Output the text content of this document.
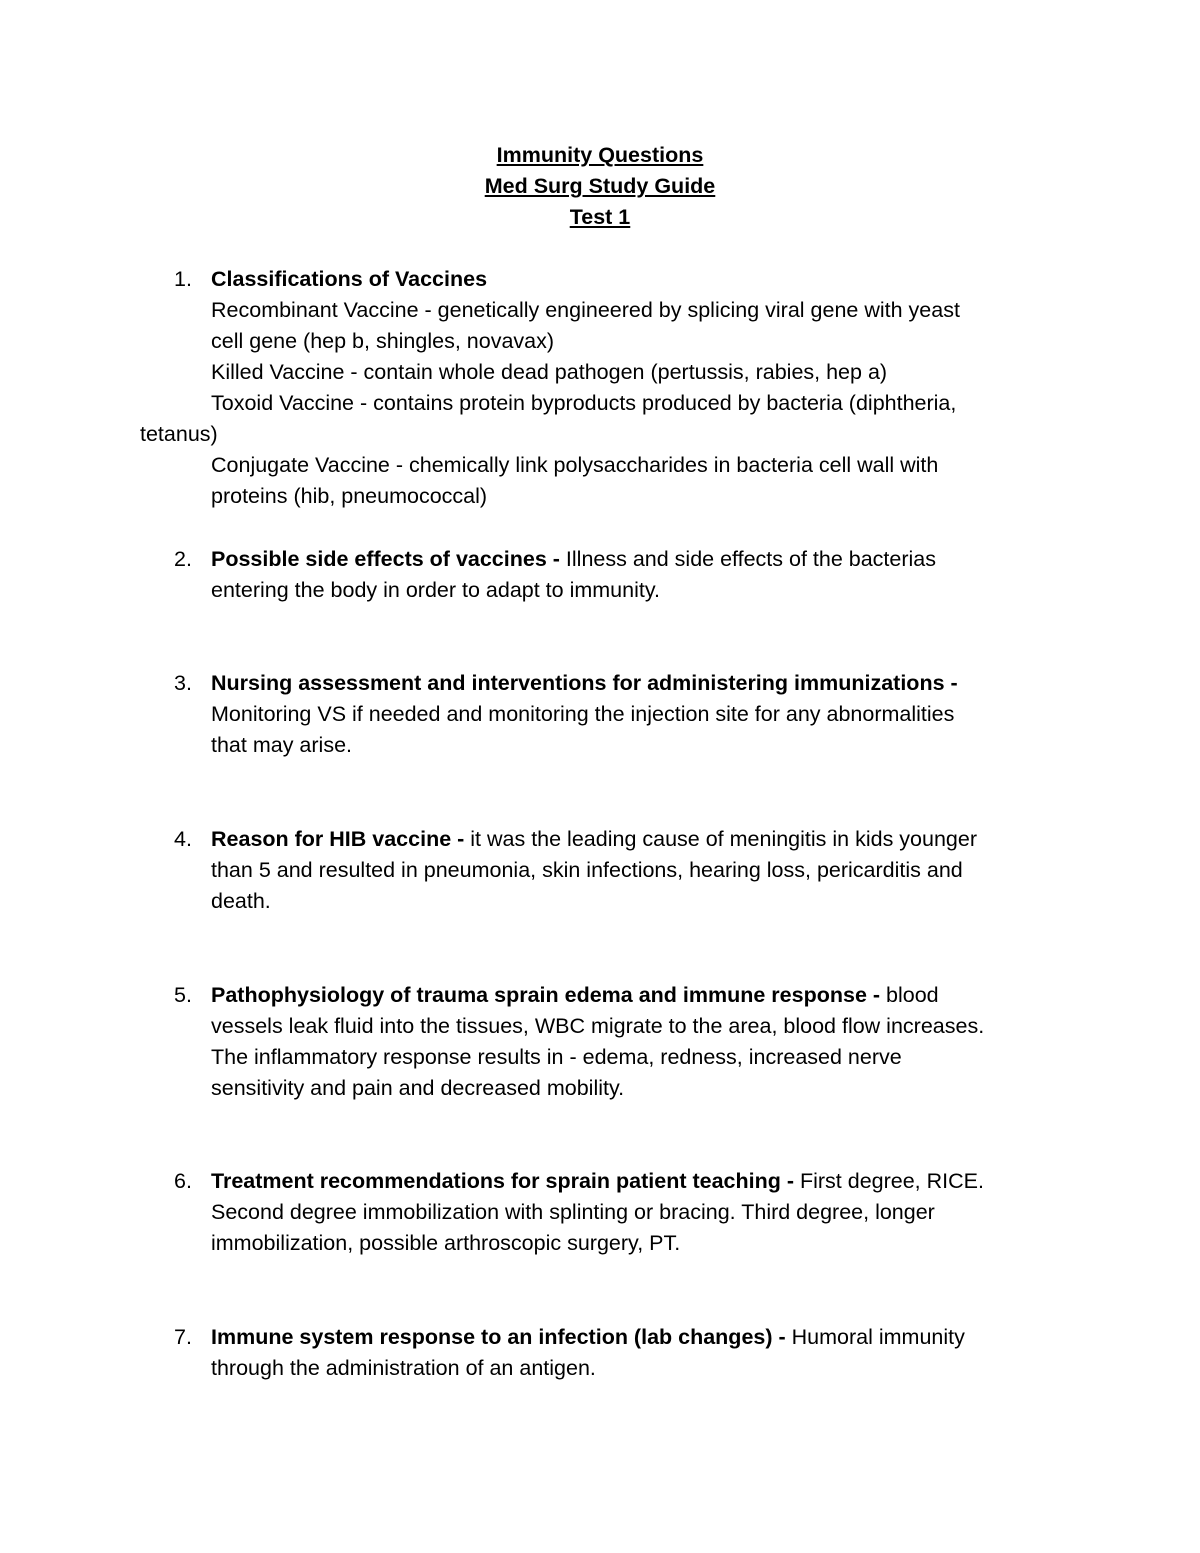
Immunity Questions
Med Surg Study Guide
Test 1
1. Classifications of Vaccines
Recombinant Vaccine - genetically engineered by splicing viral gene with yeast
cell gene (hep b, shingles, novavax)
Killed Vaccine - contain whole dead pathogen (pertussis, rabies, hep a)
Toxoid Vaccine - contains protein byproducts produced by bacteria (diphtheria,
tetanus)
Conjugate Vaccine - chemically link polysaccharides in bacteria cell wall with
proteins (hib, pneumococcal)
2. Possible side effects of vaccines - Illness and side effects of the bacterias
entering the body in order to adapt to immunity.
3. Nursing assessment and interventions for administering immunizations -
Monitoring VS if needed and monitoring the injection site for any abnormalities
that may arise.
4. Reason for HIB vaccine - it was the leading cause of meningitis in kids younger
than 5 and resulted in pneumonia, skin infections, hearing loss, pericarditis and
death.
5. Pathophysiology of trauma sprain edema and immune response - blood
vessels leak fluid into the tissues, WBC migrate to the area, blood flow increases.
The inflammatory response results in - edema, redness, increased nerve
sensitivity and pain and decreased mobility.
6. Treatment recommendations for sprain patient teaching - First degree, RICE.
Second degree immobilization with splinting or bracing. Third degree, longer
immobilization, possible arthroscopic surgery, PT.
7. Immune system response to an infection (lab changes) - Humoral immunity
through the administration of an antigen.
